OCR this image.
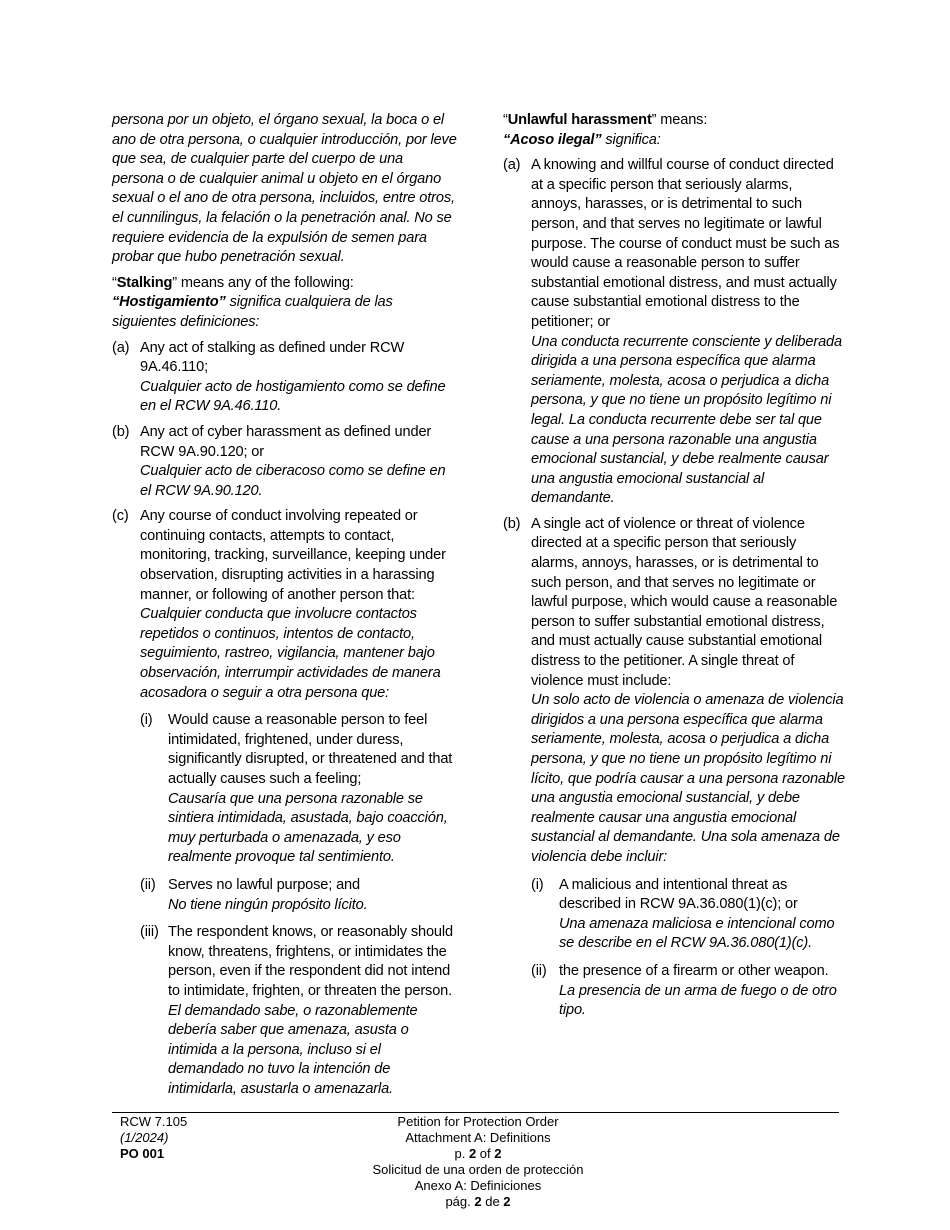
persona por un objeto, el órgano sexual, la boca o el ano de otra persona, o cualquier introducción, por leve que sea, de cualquier parte del cuerpo de una persona o de cualquier animal u objeto en el órgano sexual o el ano de otra persona, incluidos, entre otros, el cunnilingus, la felación o la penetración anal. No se requiere evidencia de la expulsión de semen para probar que hubo penetración sexual.

“Stalking” means any of the following:

“Hostigamiento” significa cualquiera de las siguientes definiciones:

(a) Any act of stalking as defined under RCW 9A.46.110;

Cualquier acto de hostigamiento como se define en el RCW 9A.46.110.

(b) Any act of cyber harassment as defined under RCW 9A.90.120; or

Cualquier acto de ciberacoso como se define en el RCW 9A.90.120.

(c) Any course of conduct involving repeated or continuing contacts, attempts to contact, monitoring, tracking, surveillance, keeping under observation, disrupting activities in a harassing manner, or following of another person that:

Cualquier conducta que involucre contactos repetidos o continuos, intentos de contacto, seguimiento, rastreo, vigilancia, mantener bajo observación, interrumpir actividades de manera acosadora o seguir a otra persona que:

(i) Would cause a reasonable person to feel intimidated, frightened, under duress, significantly disrupted, or threatened and that actually causes such a feeling;

Causaría que una persona razonable se sintiera intimidada, asustada, bajo coacción, muy perturbada o amenazada, y eso realmente provoque tal sentimiento.

(ii) Serves no lawful purpose; and

No tiene ningún propósito lícito.

(iii) The respondent knows, or reasonably should know, threatens, frightens, or intimidates the person, even if the respondent did not intend to intimidate, frighten, or threaten the person.

El demandado sabe, o razonablemente debería saber que amenaza, asusta o intimida a la persona, incluso si el demandado no tuvo la intención de intimidarla, asustarla o amenazarla.

“Unlawful harassment” means:

“Acoso ilegal” significa:

(a) A knowing and willful course of conduct directed at a specific person that seriously alarms, annoys, harasses, or is detrimental to such person, and that serves no legitimate or lawful purpose. The course of conduct must be such as would cause a reasonable person to suffer substantial emotional distress, and must actually cause substantial emotional distress to the petitioner; or

Una conducta recurrente consciente y deliberada dirigida a una persona específica que alarma seriamente, molesta, acosa o perjudica a dicha persona, y que no tiene un propósito legítimo ni legal. La conducta recurrente debe ser tal que cause a una persona razonable una angustia emocional sustancial, y debe realmente causar una angustia emocional sustancial al demandante.

(b) A single act of violence or threat of violence directed at a specific person that seriously alarms, annoys, harasses, or is detrimental to such person, and that serves no legitimate or lawful purpose, which would cause a reasonable person to suffer substantial emotional distress, and must actually cause substantial emotional distress to the petitioner. A single threat of violence must include:

Un solo acto de violencia o amenaza de violencia dirigidos a una persona específica que alarma seriamente, molesta, acosa o perjudica a dicha persona, y que no tiene un propósito legítimo ni lícito, que podría causar a una persona razonable una angustia emocional sustancial, y debe realmente causar una angustia emocional sustancial al demandante. Una sola amenaza de violencia debe incluir:

(i) A malicious and intentional threat as described in RCW 9A.36.080(1)(c); or

Una amenaza maliciosa e intencional como se describe en el RCW 9A.36.080(1)(c).

(ii) the presence of a firearm or other weapon.

La presencia de un arma de fuego o de otro tipo.

RCW 7.105
(1/2024)
PO 001
Petition for Protection Order
Attachment A: Definitions
p. 2 of 2
Solicitud de una orden de protección
Anexo A: Definiciones
pág. 2 de 2
